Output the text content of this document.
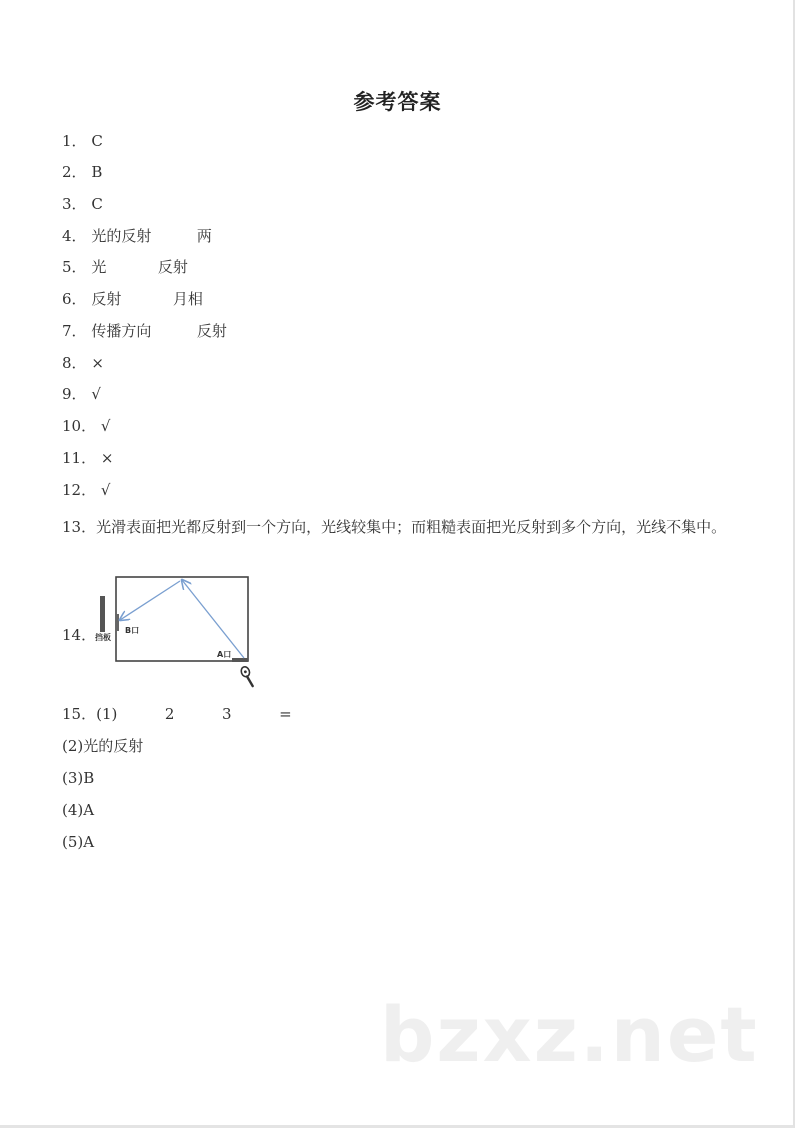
参考答案
1． C
2． B
3． C
4． 光的反射	两
5． 光	反射
6． 反射	月相
7． 传播方向	反射
8． ×
9． √
10． √
11． ×
12． √
13．光滑表面把光都反射到一个方向，光线较集中；而粗糙表面把光反射到多个方向，光线不集中。
14．
挡板
B口
A口
15．(1)	2	3	=
(2)光的反射
(3)B
(4)A
(5)A
bzxz.net
